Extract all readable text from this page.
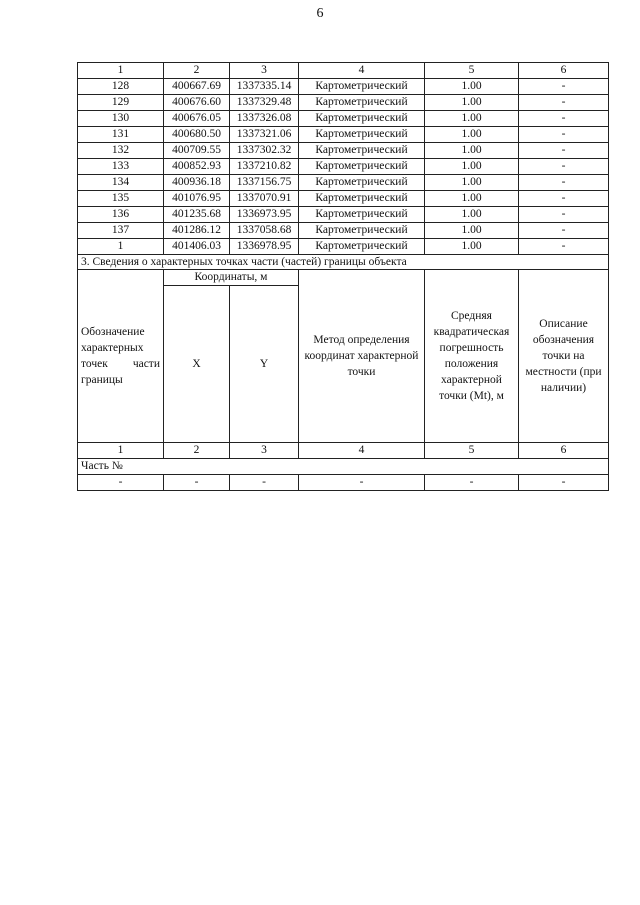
6
1	2	3	4	5	6
128	400667.69	1337335.14	Картометрический	1.00	-
129	400676.60	1337329.48	Картометрический	1.00	-
130	400676.05	1337326.08	Картометрический	1.00	-
131	400680.50	1337321.06	Картометрический	1.00	-
132	400709.55	1337302.32	Картометрический	1.00	-
133	400852.93	1337210.82	Картометрический	1.00	-
134	400936.18	1337156.75	Картометрический	1.00	-
135	401076.95	1337070.91	Картометрический	1.00	-
136	401235.68	1336973.95	Картометрический	1.00	-
137	401286.12	1337058.68	Картометрический	1.00	-
1	401406.03	1336978.95	Картометрический	1.00	-
3. Сведения о характерных точках части (частей) границы объекта					
Обозначение характерных точек части границы	Координаты, м		Метод определения координат характерной точки	Средняя квадратическая погрешность положения характерной точки (Mt), м	Описание обозначения точки на местности (при наличии)
	X	Y			
1	2	3	4	5	6
Часть №					
-	-	-	-	-	-
